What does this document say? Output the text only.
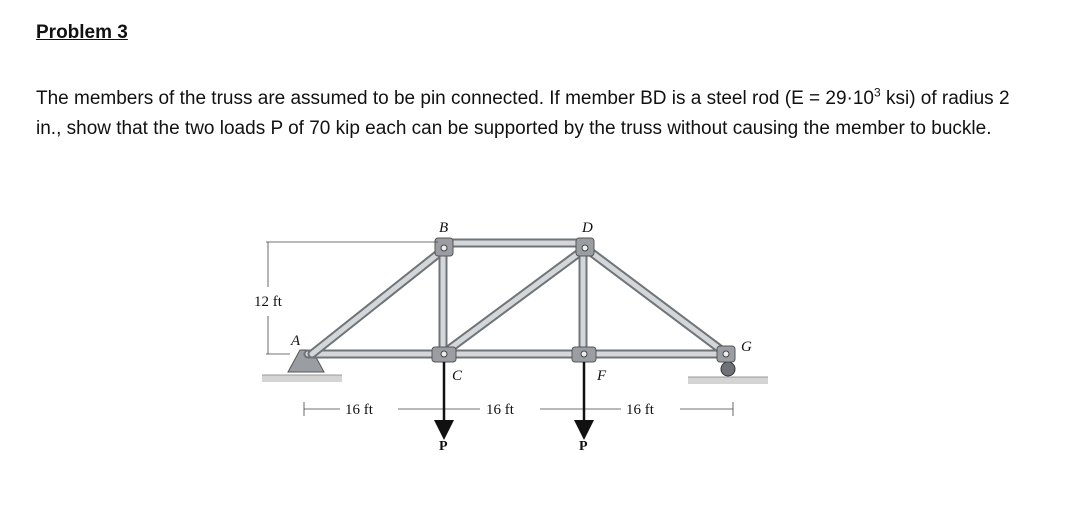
Problem 3
The members of the truss are assumed to be pin connected. If member BD is a steel rod ($E = 29\cdot 10^3$ ksi) of radius 2 in., show that the two loads P of 70 kip each can be supported by the truss without causing the member to buckle.
A
B
C
D
F
G
12 ft
16 ft	16 ft	16 ft
P	P
